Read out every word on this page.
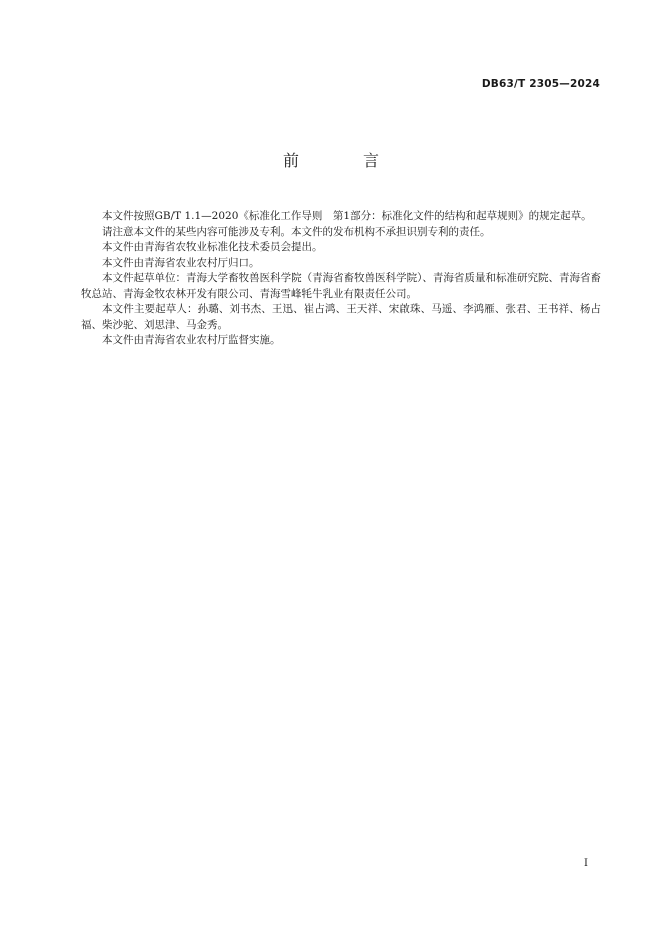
DB63/T 2305—2024
前　言

本文件按照GB/T 1.1—2020《标准化工作导则　第1部分：标准化文件的结构和起草规则》的规定起草。

请注意本文件的某些内容可能涉及专利。本文件的发布机构不承担识别专利的责任。

本文件由青海省农牧业标准化技术委员会提出。

本文件由青海省农业农村厅归口。

本文件起草单位：青海大学畜牧兽医科学院（青海省畜牧兽医科学院）、青海省质量和标准研究院、青海省畜牧总站、青海金牧农林开发有限公司、青海雪峰牦牛乳业有限责任公司。

本文件主要起草人：孙璐、刘书杰、王迅、崔占鸿、王天祥、宋啟珠、马遥、李鸿雁、张君、王书祥、杨占福、柴沙驼、刘思津、马金秀。

本文件由青海省农业农村厅监督实施。

I
